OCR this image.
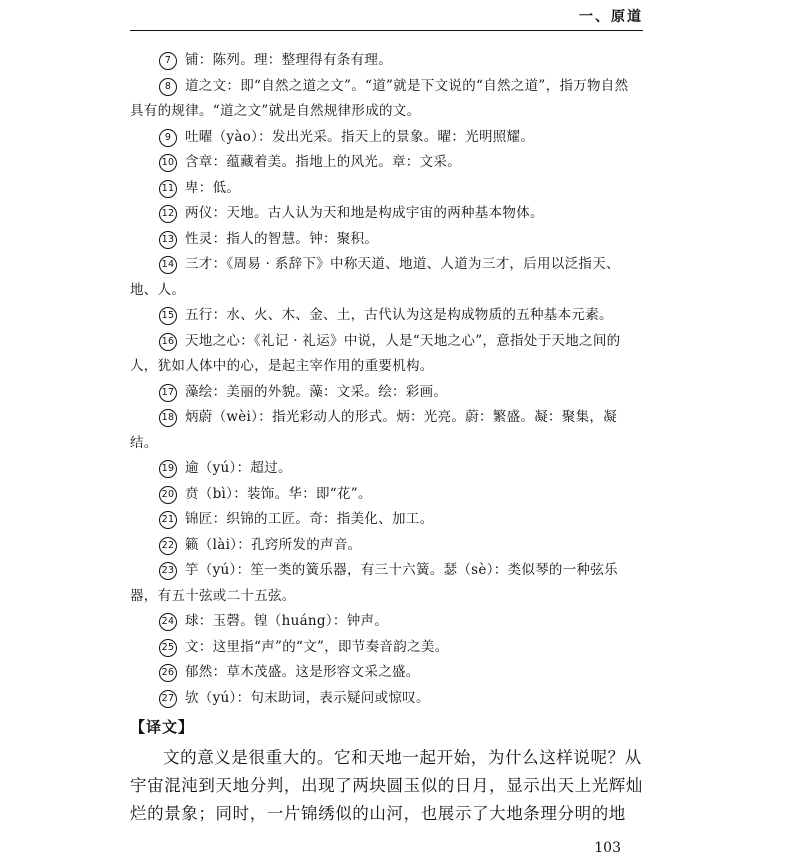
一、原道
7 铺：陈列。理：整理得有条有理。
8 道之文：即“自然之道之文”。“道”就是下文说的“自然之道”，指万物自然具有的规律。“道之文”就是自然规律形成的文。
9 吐曜（yào）：发出光采。指天上的景象。曜：光明照耀。
10 含章：蕴藏着美。指地上的风光。章：文采。
11 卑：低。
12 两仪：天地。古人认为天和地是构成宇宙的两种基本物体。
13 性灵：指人的智慧。钟：聚积。
14 三才：《周易 · 系辞下》中称天道、地道、人道为三才，后用以泛指天、地、人。
15 五行：水、火、木、金、土，古代认为这是构成物质的五种基本元素。
16 天地之心：《礼记 · 礼运》中说，人是“天地之心”，意指处于天地之间的人，犹如人体中的心，是起主宰作用的重要机构。
17 藻绘：美丽的外貌。藻：文采。绘：彩画。
18 炳蔚（wèi）：指光彩动人的形式。炳：光亮。蔚：繁盛。凝：聚集，凝结。
19 逾（yú）：超过。
20 贲（bì）：装饰。华：即“花”。
21 锦匠：织锦的工匠。奇：指美化、加工。
22 籁（lài）：孔窍所发的声音。
23 竽（yú）：笙一类的簧乐器，有三十六簧。瑟（sè）：类似琴的一种弦乐器，有五十弦或二十五弦。
24 球：玉磬。锽（huáng）：钟声。
25 文：这里指“声”的“文”，即节奏音韵之美。
26 郁然：草木茂盛。这是形容文采之盛。
27 欤（yú）：句末助词，表示疑问或惊叹。
【译文】

文的意义是很重大的。它和天地一起开始，为什么这样说呢？从宇宙混沌到天地分判，出现了两块圆玉似的日月，显示出天上光辉灿烂的景象；同时，一片锦绣似的山河，也展示了大地条理分明的地

103
